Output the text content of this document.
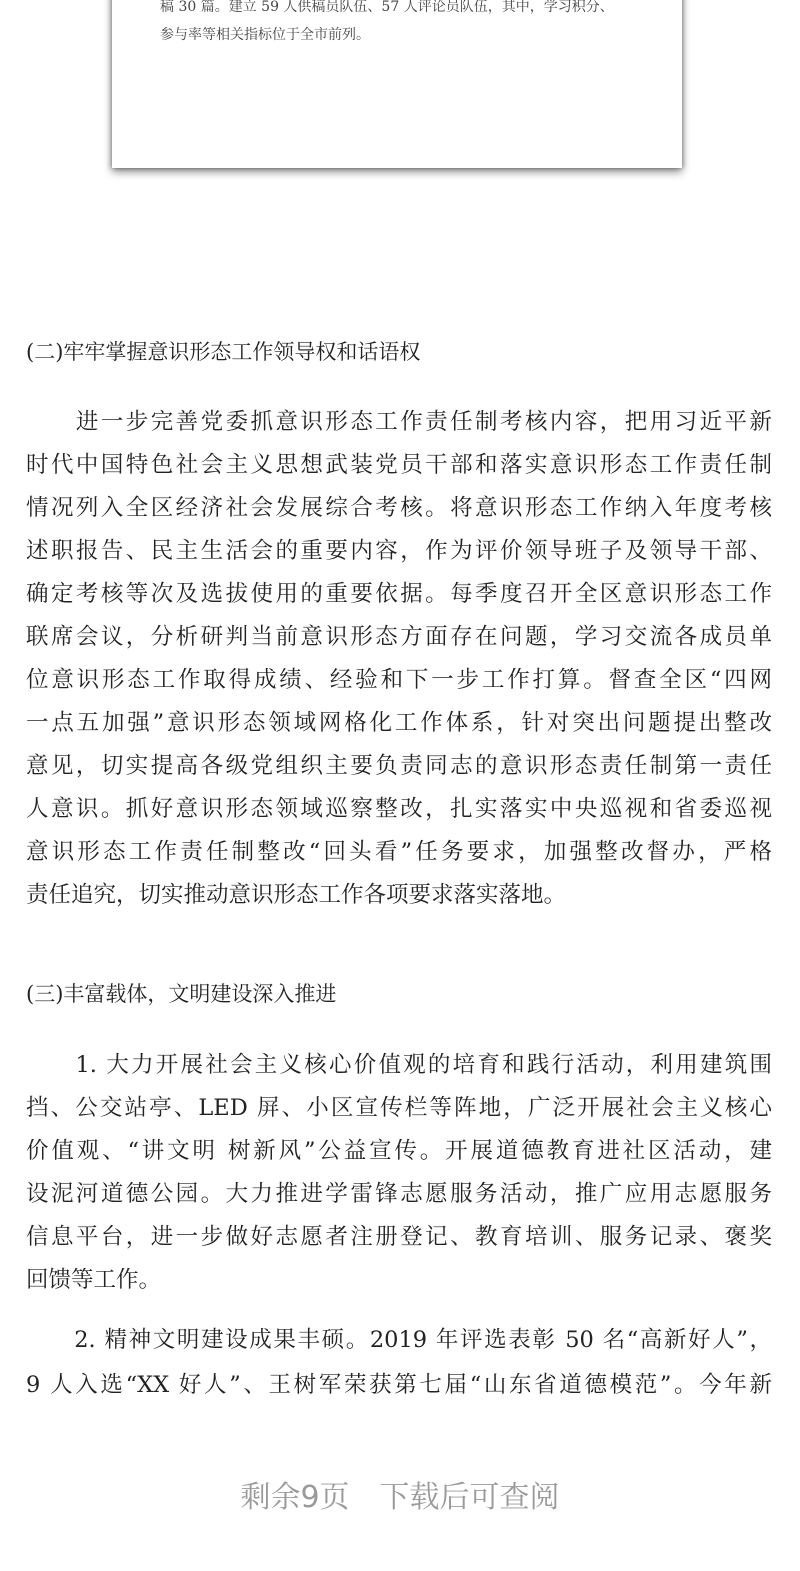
稿 30 篇。建立 59 人供稿员队伍、57 人评论员队伍，其中，学习积分、
参与率等相关指标位于全市前列。
(二)牢牢掌握意识形态工作领导权和话语权
　　进一步完善党委抓意识形态工作责任制考核内容，把用习近平新
时代中国特色社会主义思想武装党员干部和落实意识形态工作责任制
情况列入全区经济社会发展综合考核。将意识形态工作纳入年度考核
述职报告、民主生活会的重要内容，作为评价领导班子及领导干部、
确定考核等次及选拔使用的重要依据。每季度召开全区意识形态工作
联席会议，分析研判当前意识形态方面存在问题，学习交流各成员单
位意识形态工作取得成绩、经验和下一步工作打算。督查全区“四网
一点五加强”意识形态领域网格化工作体系，针对突出问题提出整改
意见，切实提高各级党组织主要负责同志的意识形态责任制第一责任
人意识。抓好意识形态领域巡察整改，扎实落实中央巡视和省委巡视
意识形态工作责任制整改“回头看”任务要求，加强整改督办，严格
责任追究，切实推动意识形态工作各项要求落实落地。
(三)丰富载体，文明建设深入推进
　　1. 大力开展社会主义核心价值观的培育和践行活动，利用建筑围
挡、公交站亭、LED 屏、小区宣传栏等阵地，广泛开展社会主义核心
价值观、“讲文明 树新风”公益宣传。开展道德教育进社区活动，建
设泥河道德公园。大力推进学雷锋志愿服务活动，推广应用志愿服务
信息平台，进一步做好志愿者注册登记、教育培训、服务记录、褒奖
回馈等工作。
　　2. 精神文明建设成果丰硕。2019 年评选表彰 50 名“高新好人”，
9 人入选“XX 好人”、王树军荣获第七届“山东省道德模范”。今年新
剩余9页　下载后可查阅
